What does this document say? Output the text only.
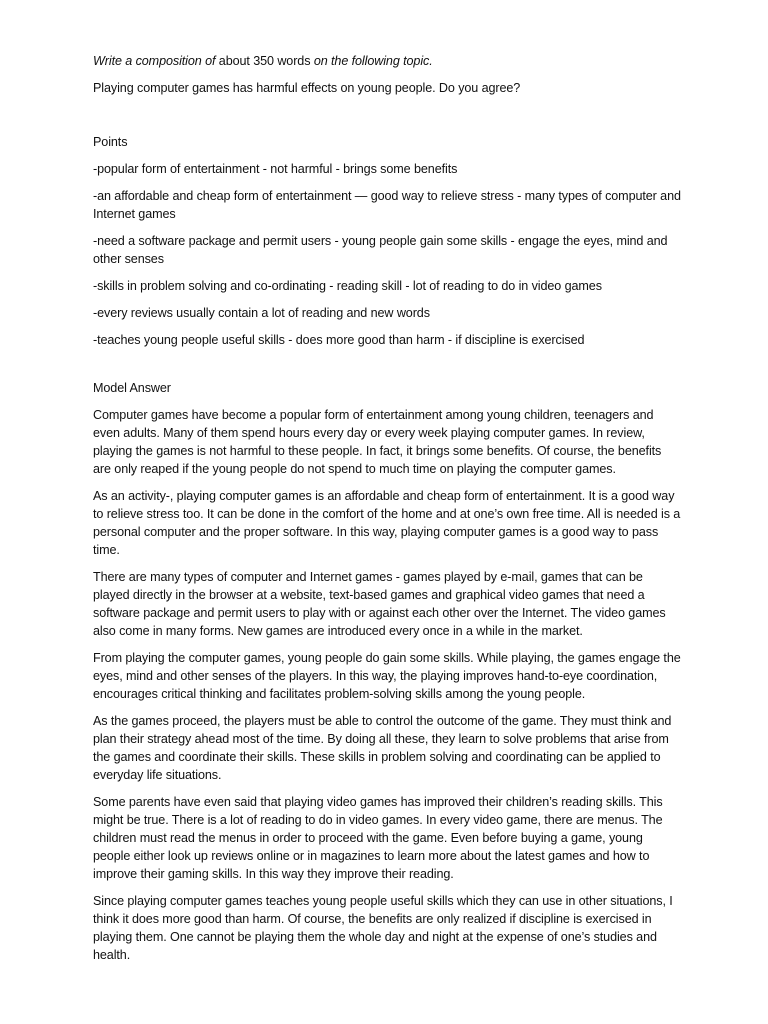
Write a composition of about 350 words on the following topic.

Playing computer games has harmful effects on young people. Do you agree?

Points

-popular form of entertainment - not harmful - brings some benefits

-an affordable and cheap form of entertainment — good way to relieve stress - many types of computer and Internet games

-need a software package and permit users - young people gain some skills - engage the eyes, mind and other senses

-skills in problem solving and co-ordinating - reading skill - lot of reading to do in video games

-every reviews usually contain a lot of reading and new words

-teaches young people useful skills - does more good than harm - if discipline is exercised

Model Answer

Computer games have become a popular form of entertainment among young children, teenagers and even adults. Many of them spend hours every day or every week playing computer games. In review, playing the games is not harmful to these people. In fact, it brings some benefits. Of course, the benefits are only reaped if the young people do not spend to much time on playing the computer games.

As an activity-, playing computer games is an affordable and cheap form of entertainment. It is a good way to relieve stress too. It can be done in the comfort of the home and at one’s own free time. All is needed is a personal computer and the proper software. In this way, playing computer games is a good way to pass time.

There are many types of computer and Internet games - games played by e-mail, games that can be played directly in the browser at a website, text-based games and graphical video games that need a software package and permit users to play with or against each other over the Internet. The video games also come in many forms. New games are introduced every once in a while in the market.

From playing the computer games, young people do gain some skills. While playing, the games engage the eyes, mind and other senses of the players. In this way, the playing improves hand-to-eye coordination, encourages critical thinking and facilitates problem-solving skills among the young people.

As the games proceed, the players must be able to control the outcome of the game. They must think and plan their strategy ahead most of the time. By doing all these, they learn to solve problems that arise from the games and coordinate their skills. These skills in problem solving and coordinating can be applied to everyday life situations.

Some parents have even said that playing video games has improved their children’s reading skills. This might be true. There is a lot of reading to do in video games. In every video game, there are menus. The children must read the menus in order to proceed with the game. Even before buying a game, young people either look up reviews online or in magazines to learn more about the latest games and how to improve their gaming skills. In this way they improve their reading.

Since playing computer games teaches young people useful skills which they can use in other situations, I think it does more good than harm. Of course, the benefits are only realized if discipline is exercised in playing them. One cannot be playing them the whole day and night at the expense of one’s studies and health.
